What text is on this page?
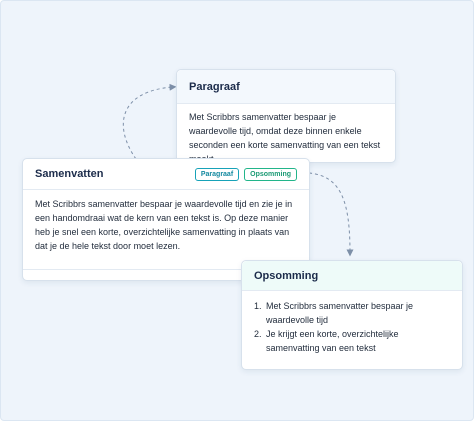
Paragraaf
Met Scribbrs samenvatter bespaar je waardevolle tijd, omdat deze binnen enkele seconden een korte samenvatting van een tekst
Samenvatten	Paragraaf	Opsomming
Met Scribbrs samenvatter bespaar je waardevolle tijd en zie je in een handomdraai wat de kern van een tekst is. Op deze manier heb je snel een korte, overzichtelijke samenvatting in plaats van dat je de hele tekst door moet lezen.
Opsomming
1. Met Scribbrs samenvatter bespaar je waardevolle tijd
2. Je krijgt een korte, overzichtelijke samenvatting van een tekst
